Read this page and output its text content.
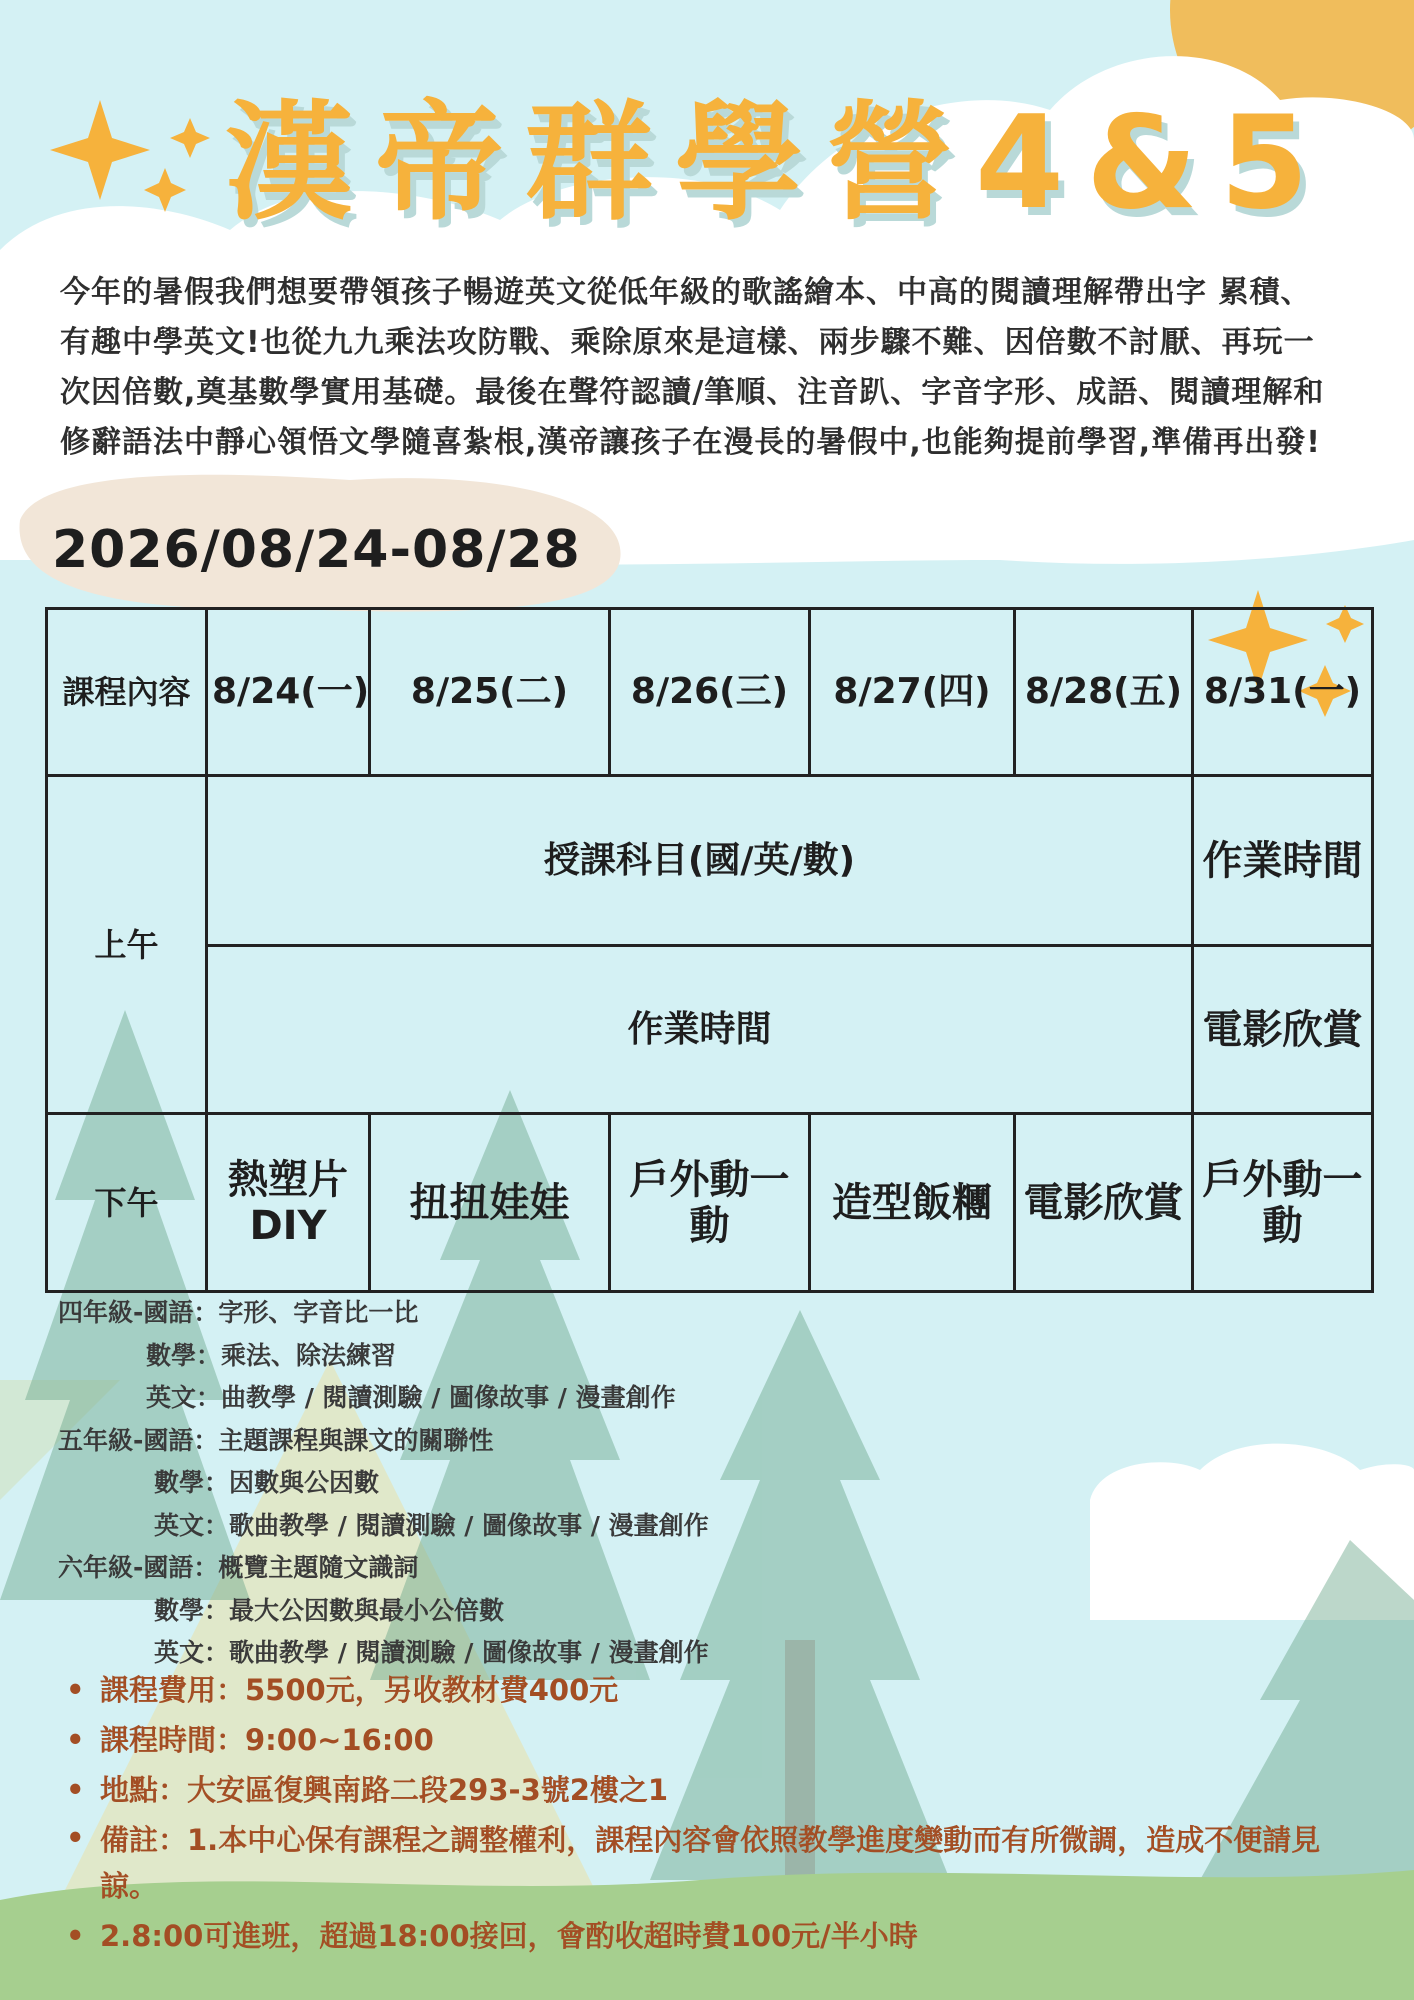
漢帝群學營4&5
今年的暑假我們想要帶領孩子暢遊英文從低年級的歌謠繪本、中高的閱讀理解帶出字 累積、有趣中學英文!也從九九乘法攻防戰、乘除原來是這樣、兩步驟不難、因倍數不討厭、再玩一次因倍數,奠基數學實用基礎。最後在聲符認讀/筆順、注音趴、字音字形、成語、閱讀理解和修辭語法中靜心領悟文學隨喜紮根,漢帝讓孩子在漫長的暑假中,也能夠提前學習,準備再出發!
2026/08/24-08/28
課程內容	8/24(一)	8/25(二)	8/26(三)	8/27(四)	8/28(五)	8/31(一)
上午	授課科目(國/英/數)					作業時間
	作業時間					電影欣賞
下午	熱塑片DIY	扭扭娃娃	戶外動一動	造型飯糰	電影欣賞	戶外動一動
四年級-國語：字形、字音比一比
數學：乘法、除法練習
英文：曲教學 / 閱讀測驗 / 圖像故事 / 漫畫創作
五年級-國語：主題課程與課文的關聯性
數學：因數與公因數
英文：歌曲教學 / 閱讀測驗 / 圖像故事 / 漫畫創作
六年級-國語：概覽主題隨文識詞
數學：最大公因數與最小公倍數
英文：歌曲教學 / 閱讀測驗 / 圖像故事 / 漫畫創作
• 課程費用：5500元，另收教材費400元
• 課程時間：9:00~16:00
• 地點：大安區復興南路二段293-3號2樓之1
• 備註：1.本中心保有課程之調整權利，課程內容會依照教學進度變動而有所微調，造成不便請見諒。
• 2.8:00可進班，超過18:00接回，會酌收超時費100元/半小時
